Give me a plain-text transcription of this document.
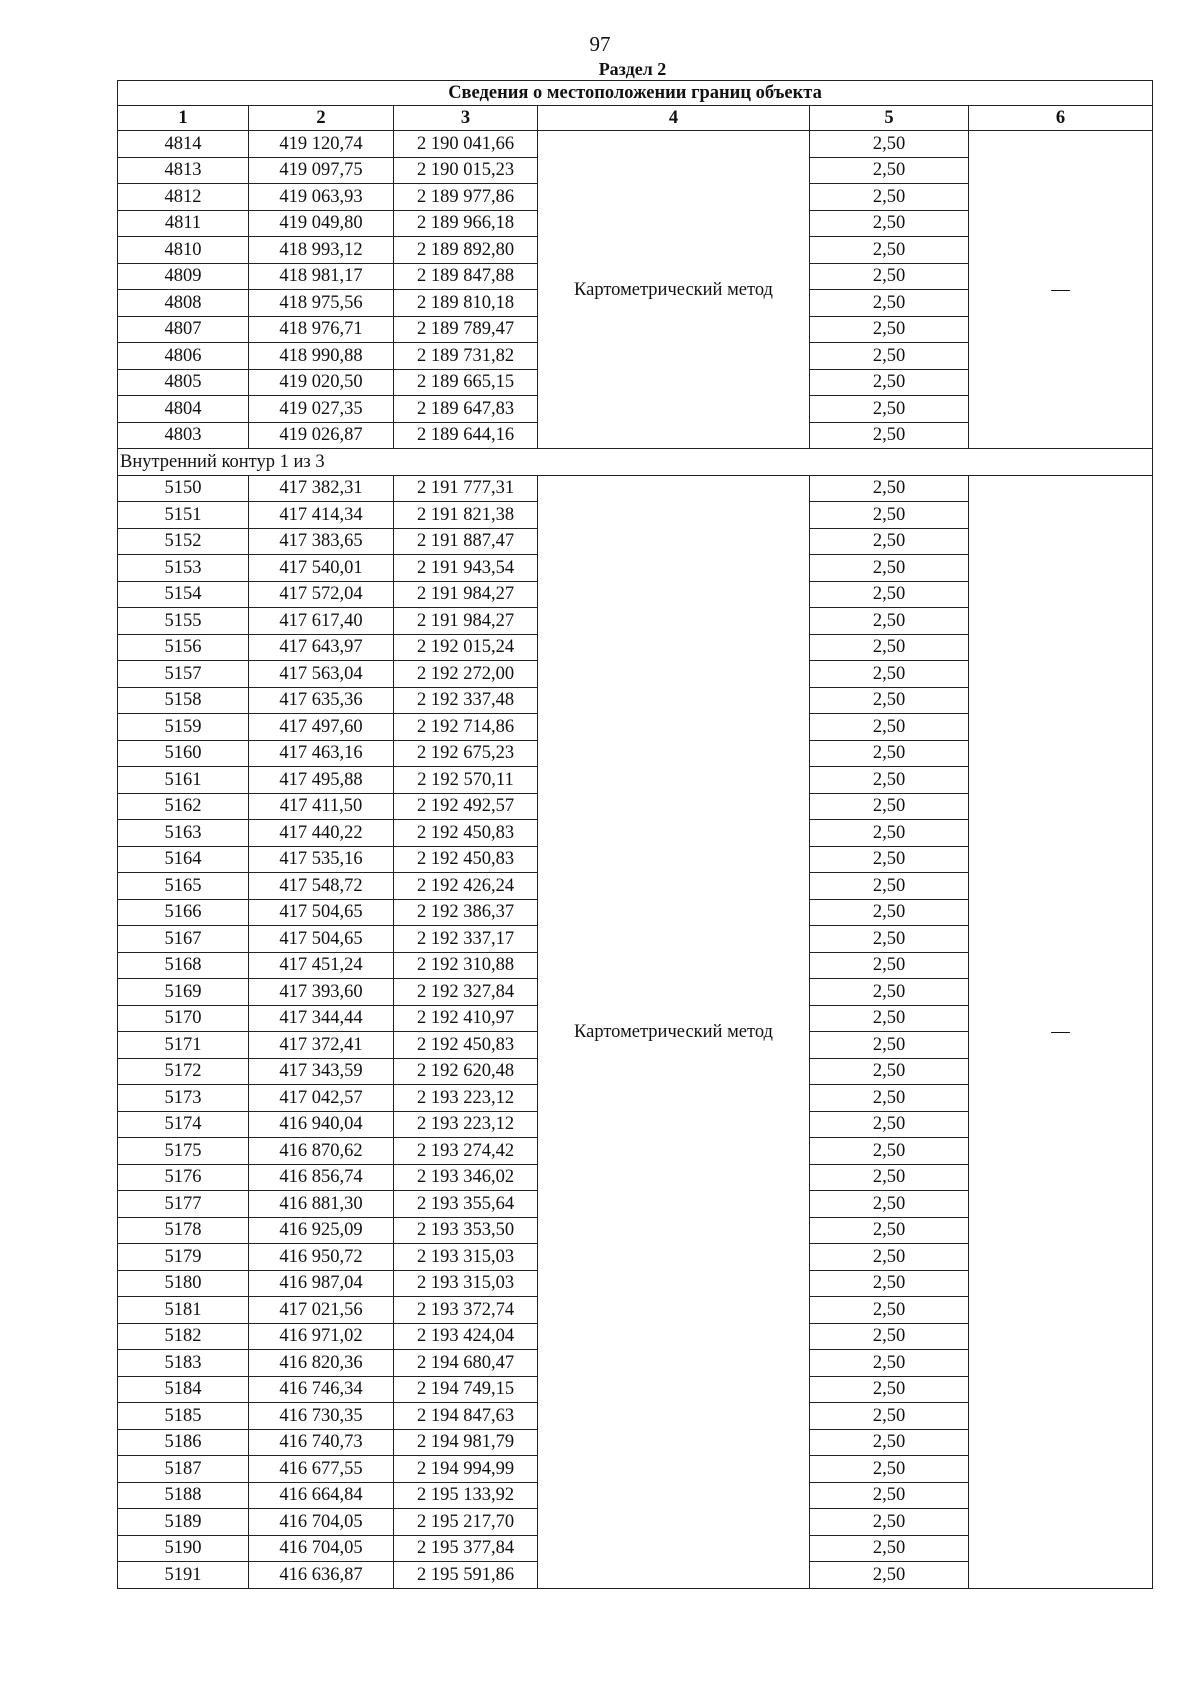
97
Раздел 2
Сведения о местоположении границ объекта					
1	2	3	4	5	6
4814	419 120,74	2 190 041,66	Картометрический метод	2,50	—
4813	419 097,75	2 190 015,23		2,50	
4812	419 063,93	2 189 977,86		2,50	
4811	419 049,80	2 189 966,18		2,50	
4810	418 993,12	2 189 892,80		2,50	
4809	418 981,17	2 189 847,88		2,50	
4808	418 975,56	2 189 810,18		2,50	
4807	418 976,71	2 189 789,47		2,50	
4806	418 990,88	2 189 731,82		2,50	
4805	419 020,50	2 189 665,15		2,50	
4804	419 027,35	2 189 647,83		2,50	
4803	419 026,87	2 189 644,16		2,50	
Внутренний контур 1 из 3					
5150	417 382,31	2 191 777,31	Картометрический метод	2,50	—
5151	417 414,34	2 191 821,38		2,50	
5152	417 383,65	2 191 887,47		2,50	
5153	417 540,01	2 191 943,54		2,50	
5154	417 572,04	2 191 984,27		2,50	
5155	417 617,40	2 191 984,27		2,50	
5156	417 643,97	2 192 015,24		2,50	
5157	417 563,04	2 192 272,00		2,50	
5158	417 635,36	2 192 337,48		2,50	
5159	417 497,60	2 192 714,86		2,50	
5160	417 463,16	2 192 675,23		2,50	
5161	417 495,88	2 192 570,11		2,50	
5162	417 411,50	2 192 492,57		2,50	
5163	417 440,22	2 192 450,83		2,50	
5164	417 535,16	2 192 450,83		2,50	
5165	417 548,72	2 192 426,24		2,50	
5166	417 504,65	2 192 386,37		2,50	
5167	417 504,65	2 192 337,17		2,50	
5168	417 451,24	2 192 310,88		2,50	
5169	417 393,60	2 192 327,84		2,50	
5170	417 344,44	2 192 410,97		2,50	
5171	417 372,41	2 192 450,83		2,50	
5172	417 343,59	2 192 620,48		2,50	
5173	417 042,57	2 193 223,12		2,50	
5174	416 940,04	2 193 223,12		2,50	
5175	416 870,62	2 193 274,42		2,50	
5176	416 856,74	2 193 346,02		2,50	
5177	416 881,30	2 193 355,64		2,50	
5178	416 925,09	2 193 353,50		2,50	
5179	416 950,72	2 193 315,03		2,50	
5180	416 987,04	2 193 315,03		2,50	
5181	417 021,56	2 193 372,74		2,50	
5182	416 971,02	2 193 424,04		2,50	
5183	416 820,36	2 194 680,47		2,50	
5184	416 746,34	2 194 749,15		2,50	
5185	416 730,35	2 194 847,63		2,50	
5186	416 740,73	2 194 981,79		2,50	
5187	416 677,55	2 194 994,99		2,50	
5188	416 664,84	2 195 133,92		2,50	
5189	416 704,05	2 195 217,70		2,50	
5190	416 704,05	2 195 377,84		2,50	
5191	416 636,87	2 195 591,86		2,50	
